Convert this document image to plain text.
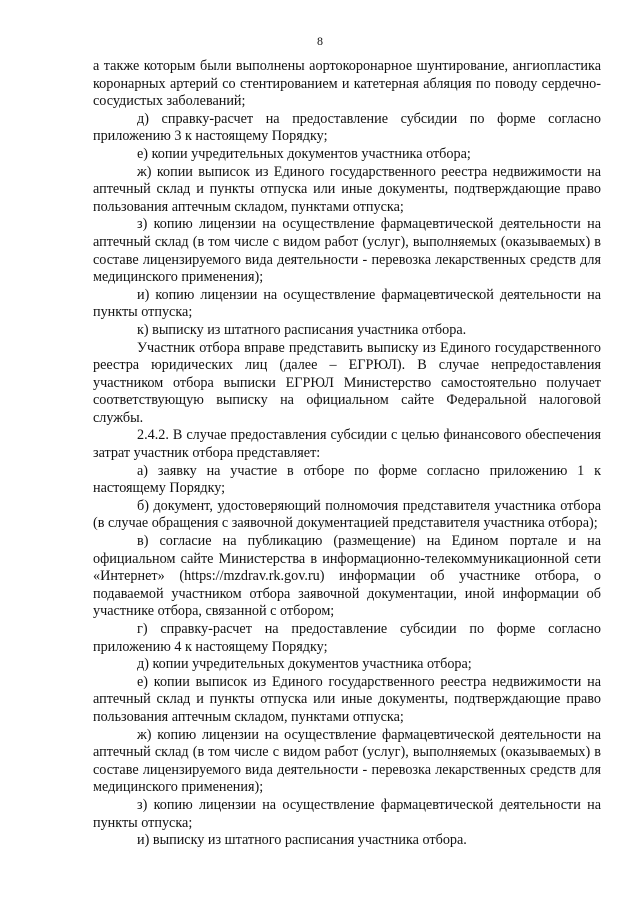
8

а также которым были выполнены аортокоронарное шунтирование, ангиопластика коронарных артерий со стентированием и катетерная абляция по поводу сердечно-сосудистых заболеваний;

д) справку-расчет на предоставление субсидии по форме согласно приложению 3 к настоящему Порядку;

е) копии учредительных документов участника отбора;

ж) копии выписок из Единого государственного реестра недвижимости на аптечный склад и пункты отпуска или иные документы, подтверждающие право пользования аптечным складом, пунктами отпуска;

з) копию лицензии на осуществление фармацевтической деятельности на аптечный склад (в том числе с видом работ (услуг), выполняемых (оказываемых) в составе лицензируемого вида деятельности - перевозка лекарственных средств для медицинского применения);

и) копию лицензии на осуществление фармацевтической деятельности на пункты отпуска;

к) выписку из штатного расписания участника отбора.

Участник отбора вправе представить выписку из Единого государственного реестра юридических лиц (далее – ЕГРЮЛ). В случае непредоставления участником отбора выписки ЕГРЮЛ Министерство самостоятельно получает соответствующую выписку на официальном сайте Федеральной налоговой службы.

2.4.2. В случае предоставления субсидии с целью финансового обеспечения затрат участник отбора представляет:

а) заявку на участие в отборе по форме согласно приложению 1 к настоящему Порядку;

б) документ, удостоверяющий полномочия представителя участника отбора (в случае обращения с заявочной документацией представителя участника отбора);

в) согласие на публикацию (размещение) на Едином портале и на официальном сайте Министерства в информационно-телекоммуникационной сети «Интернет» (https://mzdrav.rk.gov.ru) информации об участнике отбора, о подаваемой участником отбора заявочной документации, иной информации об участнике отбора, связанной с отбором;

г) справку-расчет на предоставление субсидии по форме согласно приложению 4 к настоящему Порядку;

д) копии учредительных документов участника отбора;

е) копии выписок из Единого государственного реестра недвижимости на аптечный склад и пункты отпуска или иные документы, подтверждающие право пользования аптечным складом, пунктами отпуска;

ж) копию лицензии на осуществление фармацевтической деятельности на аптечный склад (в том числе с видом работ (услуг), выполняемых (оказываемых) в составе лицензируемого вида деятельности - перевозка лекарственных средств для медицинского применения);

з) копию лицензии на осуществление фармацевтической деятельности на пункты отпуска;

и) выписку из штатного расписания участника отбора.
